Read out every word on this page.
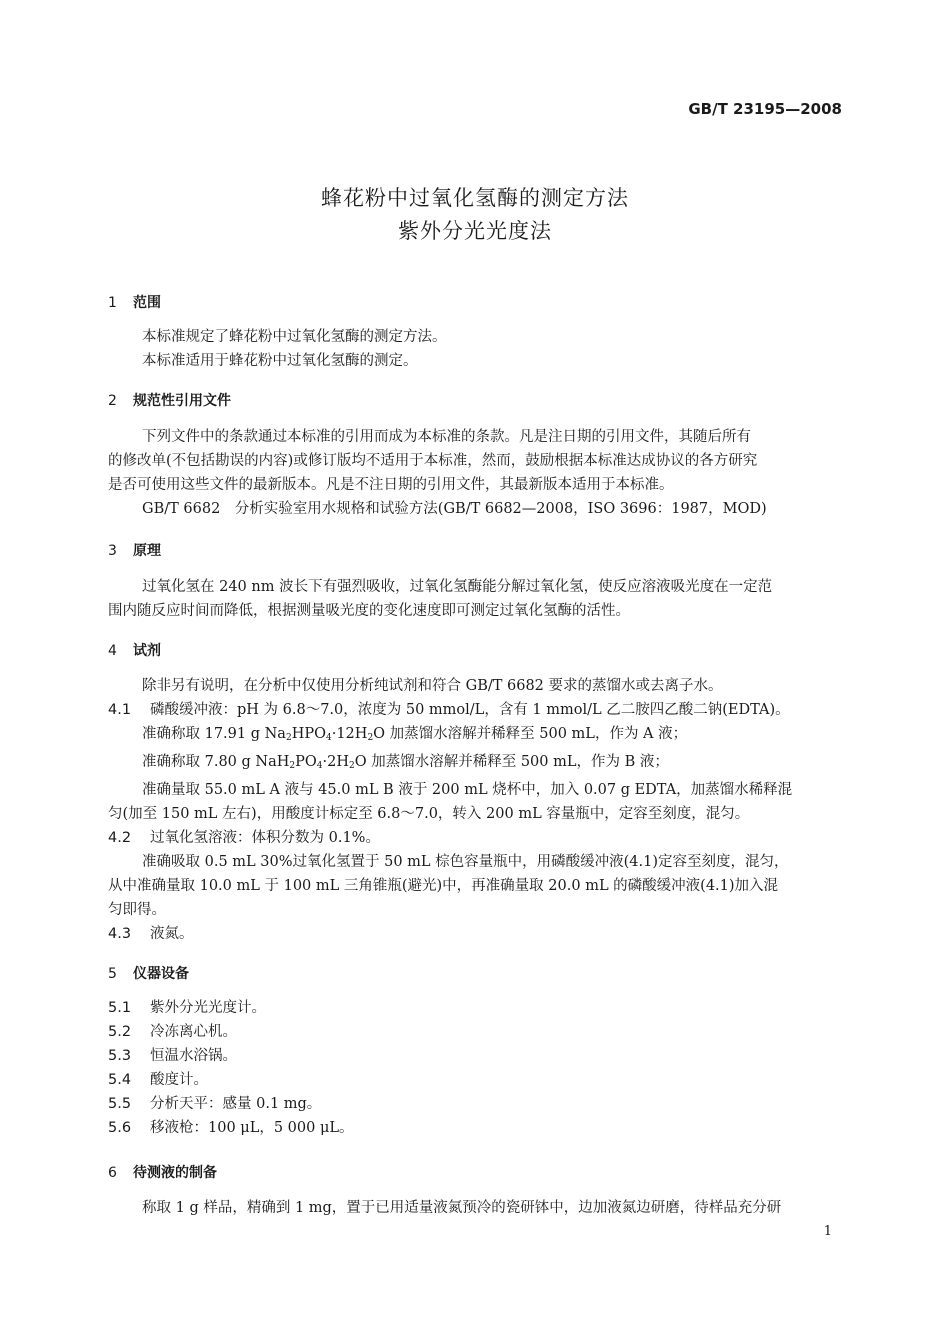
GB/T 23195—2008
蜂花粉中过氧化氢酶的测定方法
紫外分光光度法
1 范围
本标准规定了蜂花粉中过氧化氢酶的测定方法。
本标准适用于蜂花粉中过氧化氢酶的测定。
2 规范性引用文件
下列文件中的条款通过本标准的引用而成为本标准的条款。凡是注日期的引用文件，其随后所有
的修改单(不包括勘误的内容)或修订版均不适用于本标准，然而，鼓励根据本标准达成协议的各方研究
是否可使用这些文件的最新版本。凡是不注日期的引用文件，其最新版本适用于本标准。
GB/T 6682　分析实验室用水规格和试验方法(GB/T 6682—2008，ISO 3696：1987，MOD)
3 原理
过氧化氢在 240 nm 波长下有强烈吸收，过氧化氢酶能分解过氧化氢，使反应溶液吸光度在一定范
围内随反应时间而降低，根据测量吸光度的变化速度即可测定过氧化氢酶的活性。
4 试剂
除非另有说明，在分析中仅使用分析纯试剂和符合 GB/T 6682 要求的蒸馏水或去离子水。
4.1 磷酸缓冲液：pH 为 6.8～7.0，浓度为 50 mmol/L，含有 1 mmol/L 乙二胺四乙酸二钠(EDTA)。
准确称取 17.91 g $Na_2HPO_4\cdot 12H_2O$ 加蒸馏水溶解并稀释至 500 mL，作为 A 液；
准确称取 7.80 g $NaH_2PO_4\cdot 2H_2O$ 加蒸馏水溶解并稀释至 500 mL，作为 B 液；
准确量取 55.0 mL A 液与 45.0 mL B 液于 200 mL 烧杯中，加入 0.07 g EDTA，加蒸馏水稀释混
匀(加至 150 mL 左右)，用酸度计标定至 6.8～7.0，转入 200 mL 容量瓶中，定容至刻度，混匀。
4.2 过氧化氢溶液：体积分数为 0.1%。
准确吸取 0.5 mL 30%过氧化氢置于 50 mL 棕色容量瓶中，用磷酸缓冲液(4.1)定容至刻度，混匀，
从中准确量取 10.0 mL 于 100 mL 三角锥瓶(避光)中，再准确量取 20.0 mL 的磷酸缓冲液(4.1)加入混
匀即得。
4.3 液氮。
5 仪器设备
5.1 紫外分光光度计。
5.2 冷冻离心机。
5.3 恒温水浴锅。
5.4 酸度计。
5.5 分析天平：感量 0.1 mg。
5.6 移液枪：100 μL，5 000 μL。
6 待测液的制备
称取 1 g 样品，精确到 1 mg，置于已用适量液氮预冷的瓷研钵中，边加液氮边研磨，待样品充分研
1
